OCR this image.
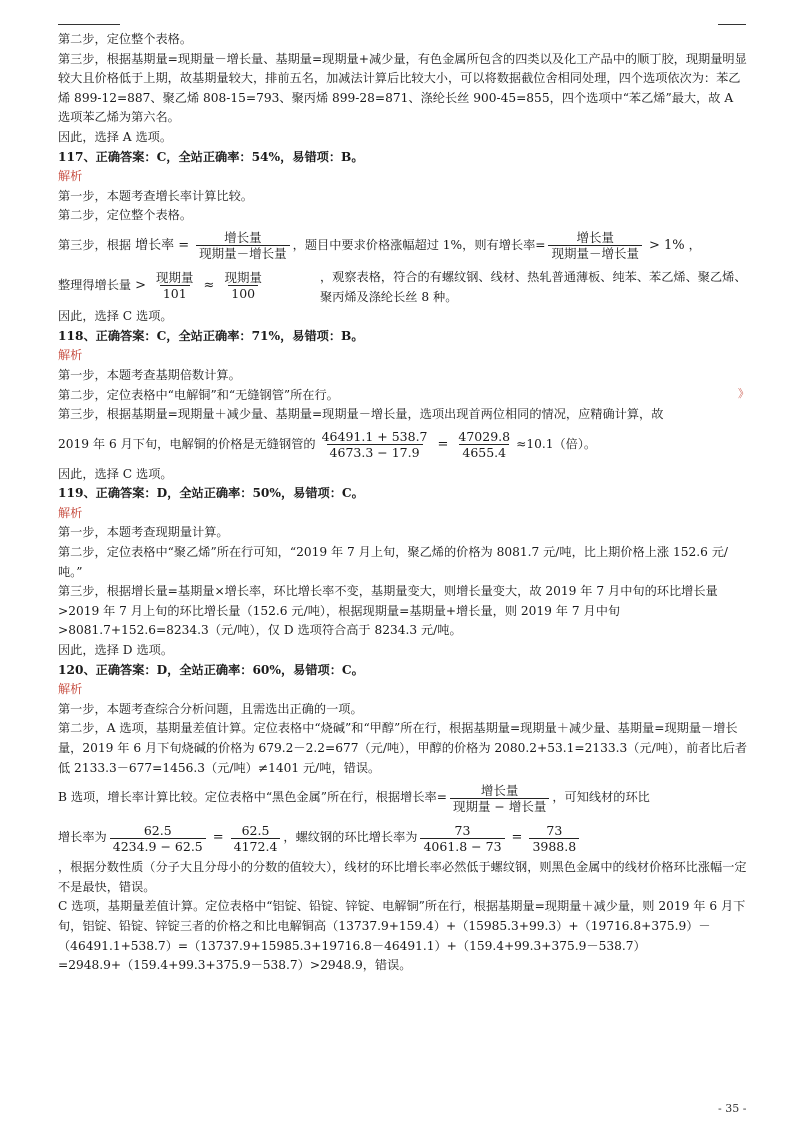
》
第二步，定位整个表格。
第三步，根据基期量=现期量－增长量、基期量=现期量+减少量，有色金属所包含的四类以及化工产品中的顺丁胶，现期量明显较大且价格低于上期，故基期量较大，排前五名，加减法计算后比较大小，可以将数据截位舍相同处理，四个选项依次为：苯乙烯 899-12=887、聚乙烯 808-15=793、聚丙烯 899-28=871、涤纶长丝 900-45=855，四个选项中“苯乙烯”最大，故 A 选项苯乙烯为第六名。
因此，选择 A 选项。
117、正确答案：C，全站正确率：54%，易错项：B。
解析
第一步，本题考查增长率计算比较。
第二步，定位整个表格。
第三步，根据 增长率 = $\frac{\text{增长量}}{\text{现期量－增长量}}$ ，题目中要求价格涨幅超过 1%，则有增长率= $\frac{\text{增长量}}{\text{现期量－增长量}} > 1\%$ ，
整理得增长量 > $\frac{\text{现期量}}{101} \approx \frac{\text{现期量}}{100}$	，观察表格，符合的有螺纹钢、线材、热轧普通薄板、纯苯、苯乙烯、聚乙烯、聚丙烯及涤纶长丝 8 种。
因此，选择 C 选项。
118、正确答案：C，全站正确率：71%，易错项：B。
解析
第一步，本题考查基期倍数计算。
第二步，定位表格中“电解铜”和“无缝钢管”所在行。
第三步，根据基期量=现期量＋减少量、基期量=现期量－增长量，选项出现首两位相同的情况，应精确计算，故
2019 年 6 月下旬，电解铜的价格是无缝钢管的 $\frac{46491.1 + 538.7}{4673.3 - 17.9} = \frac{47029.8}{4655.4} \approx 10.1$（倍）。
因此，选择 C 选项。
119、正确答案：D，全站正确率：50%，易错项：C。
解析
第一步，本题考查现期量计算。
第二步，定位表格中“聚乙烯”所在行可知，“2019 年 7 月上旬，聚乙烯的价格为 8081.7 元/吨，比上期价格上涨 152.6 元/吨。”
第三步，根据增长量=基期量×增长率，环比增长率不变，基期量变大，则增长量变大，故 2019 年 7 月中旬的环比增长量>2019 年 7 月上旬的环比增长量（152.6 元/吨），根据现期量=基期量+增长量，则 2019 年 7 月中旬>8081.7+152.6=8234.3（元/吨），仅 D 选项符合高于 8234.3 元/吨。
因此，选择 D 选项。
120、正确答案：D，全站正确率：60%，易错项：C。
解析
第一步，本题考查综合分析问题，且需选出正确的一项。
第二步，A 选项，基期量差值计算。定位表格中“烧碱”和“甲醇”所在行，根据基期量=现期量＋减少量、基期量=现期量－增长量，2019 年 6 月下旬烧碱的价格为 679.2－2.2=677（元/吨），甲醇的价格为 2080.2+53.1=2133.3（元/吨），前者比后者低 2133.3－677=1456.3（元/吨）≠1401 元/吨，错误。
B 选项，增长率计算比较。定位表格中“黑色金属”所在行，根据增长率= $\frac{\text{增长量}}{\text{现期量 − 增长量}}$ ，可知线材的环比
增长率为 $\frac{62.5}{4234.9 - 62.5} = \frac{62.5}{4172.4}$ ，螺纹钢的环比增长率为 $\frac{73}{4061.8 - 73} = \frac{73}{3988.8}$
，根据分数性质（分子大且分母小的分数的值较大），线材的环比增长率必然低于螺纹钢，则黑色金属中的线材价格环比涨幅一定不是最快，错误。
C 选项，基期量差值计算。定位表格中“铝锭、铅锭、锌锭、电解铜”所在行，根据基期量=现期量＋减少量，则 2019 年 6 月下旬，铝锭、铅锭、锌锭三者的价格之和比电解铜高（13737.9+159.4）+（15985.3+99.3）+（19716.8+375.9）－（46491.1+538.7）=（13737.9+15985.3+19716.8－46491.1）+（159.4+99.3+375.9－538.7）=2948.9+（159.4+99.3+375.9－538.7）>2948.9，错误。
- 35 -
